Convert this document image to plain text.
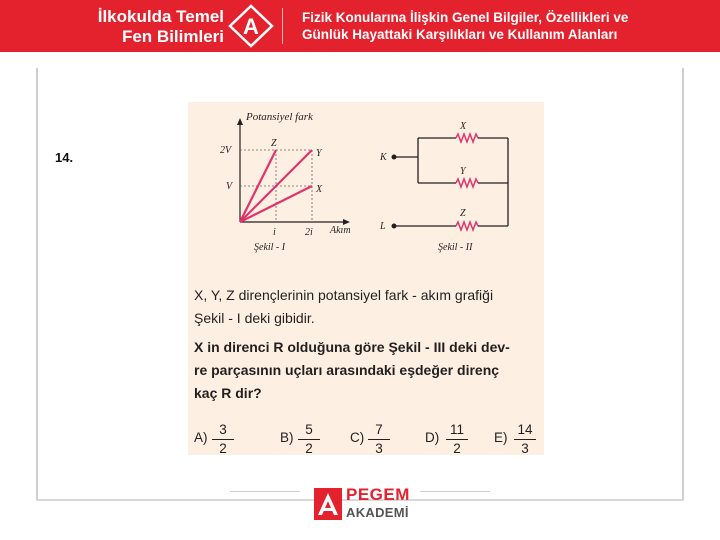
İlkokulda Temel
Fen Bilimleri A	Fizik Konularına İlişkin Genel Bilgiler, Özellikleri ve
Günlük Hayattaki Karşılıkları ve Kullanım Alanları
14.
Potansiyel fark
2V
V
i	2i Akım
Z
Y
X
Şekil - I
K
X
Y
L
Z
Şekil - II
X, Y, Z dirençlerinin potansiyel fark - akım grafiği
Şekil - I deki gibidir.
X in direnci R olduğuna göre Şekil - III deki dev-
re parçasının uçları arasındaki eşdeğer direnç
kaç R dir?
A)
3
2
B)
5
2
C)
7
3
D)
11
2
E)
14
3
PEGEM
AKADEMİ
